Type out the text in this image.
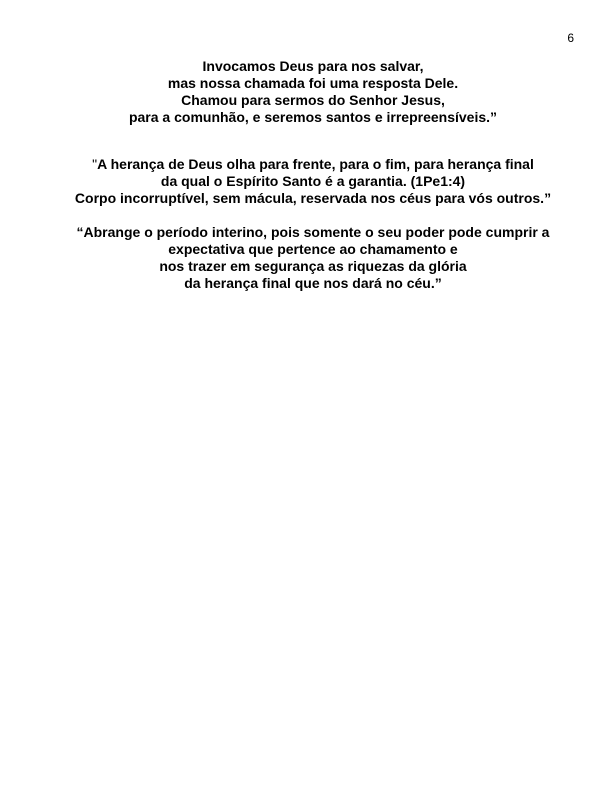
6
Invocamos Deus para nos salvar,
mas nossa chamada foi uma resposta Dele.
Chamou para sermos do Senhor Jesus,
para a comunhão, e seremos santos e irrepreensíveis.”
"A herança de Deus olha para frente, para o fim, para herança final
da qual o Espírito Santo é a garantia. (1Pe1:4)
Corpo incorruptível, sem mácula, reservada nos céus para vós outros.”
“Abrange o período interino, pois somente o seu poder pode cumprir a
expectativa que pertence ao chamamento e
nos trazer em segurança as riquezas da glória
da herança final que nos dará no céu.”
